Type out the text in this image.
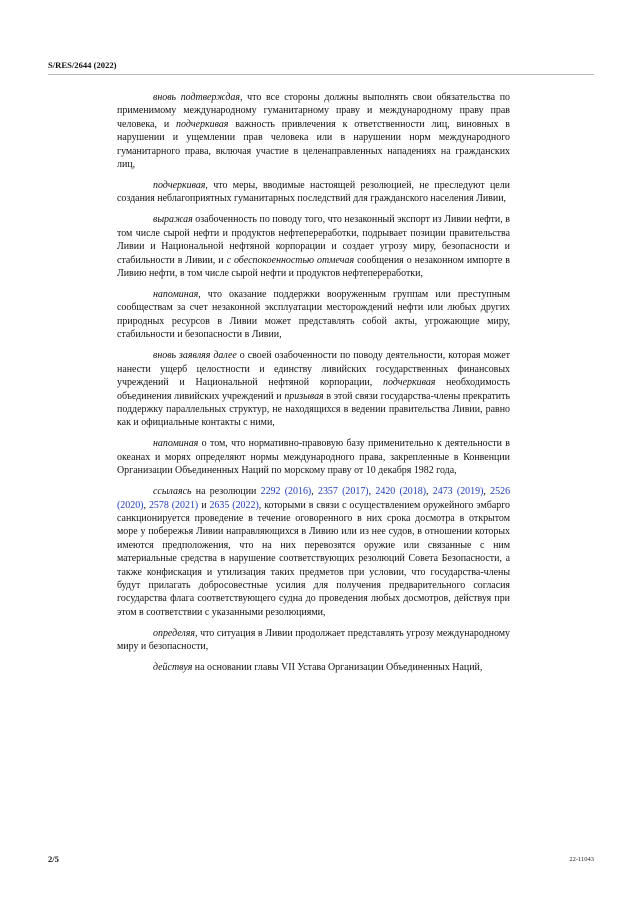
S/RES/2644 (2022)

вновь подтверждая, что все стороны должны выполнять свои обязательства по применимому международному гуманитарному праву и международному праву прав человека, и подчеркивая важность привлечения к ответственности лиц, виновных в нарушении и ущемлении прав человека или в нарушении норм международного гуманитарного права, включая участие в целенаправленных нападениях на гражданских лиц,

подчеркивая, что меры, вводимые настоящей резолюцией, не преследуют цели создания неблагоприятных гуманитарных последствий для гражданского населения Ливии,

выражая озабоченность по поводу того, что незаконный экспорт из Ливии нефти, в том числе сырой нефти и продуктов нефтепереработки, подрывает позиции правительства Ливии и Национальной нефтяной корпорации и создает угрозу миру, безопасности и стабильности в Ливии, и с обеспокоенностью отмечая сообщения о незаконном импорте в Ливию нефти, в том числе сырой нефти и продуктов нефтепереработки,

напоминая, что оказание поддержки вооруженным группам или преступным сообществам за счет незаконной эксплуатации месторождений нефти или любых других природных ресурсов в Ливии может представлять собой акты, угрожающие миру, стабильности и безопасности в Ливии,

вновь заявляя далее о своей озабоченности по поводу деятельности, которая может нанести ущерб целостности и единству ливийских государственных финансовых учреждений и Национальной нефтяной корпорации, подчеркивая необходимость объединения ливийских учреждений и призывая в этой связи государства-члены прекратить поддержку параллельных структур, не находящихся в ведении правительства Ливии, равно как и официальные контакты с ними,

напоминая о том, что нормативно-правовую базу применительно к деятельности в океанах и морях определяют нормы международного права, закрепленные в Конвенции Организации Объединенных Наций по морскому праву от 10 декабря 1982 года,

ссылаясь на резолюции 2292 (2016), 2357 (2017), 2420 (2018), 2473 (2019), 2526 (2020), 2578 (2021) и 2635 (2022), которыми в связи с осуществлением оружейного эмбарго санкционируется проведение в течение оговоренного в них срока досмотра в открытом море у побережья Ливии направляющихся в Ливию или из нее судов, в отношении которых имеются предположения, что на них перевозятся оружие или связанные с ним материальные средства в нарушение соответствующих резолюций Совета Безопасности, а также конфискация и утилизация таких предметов при условии, что государства-члены будут прилагать добросовестные усилия для получения предварительного согласия государства флага соответствующего судна до проведения любых досмотров, действуя при этом в соответствии с указанными резолюциями,

определяя, что ситуация в Ливии продолжает представлять угрозу международному миру и безопасности,

действуя на основании главы VII Устава Организации Объединенных Наций,

2/5	22-11043
